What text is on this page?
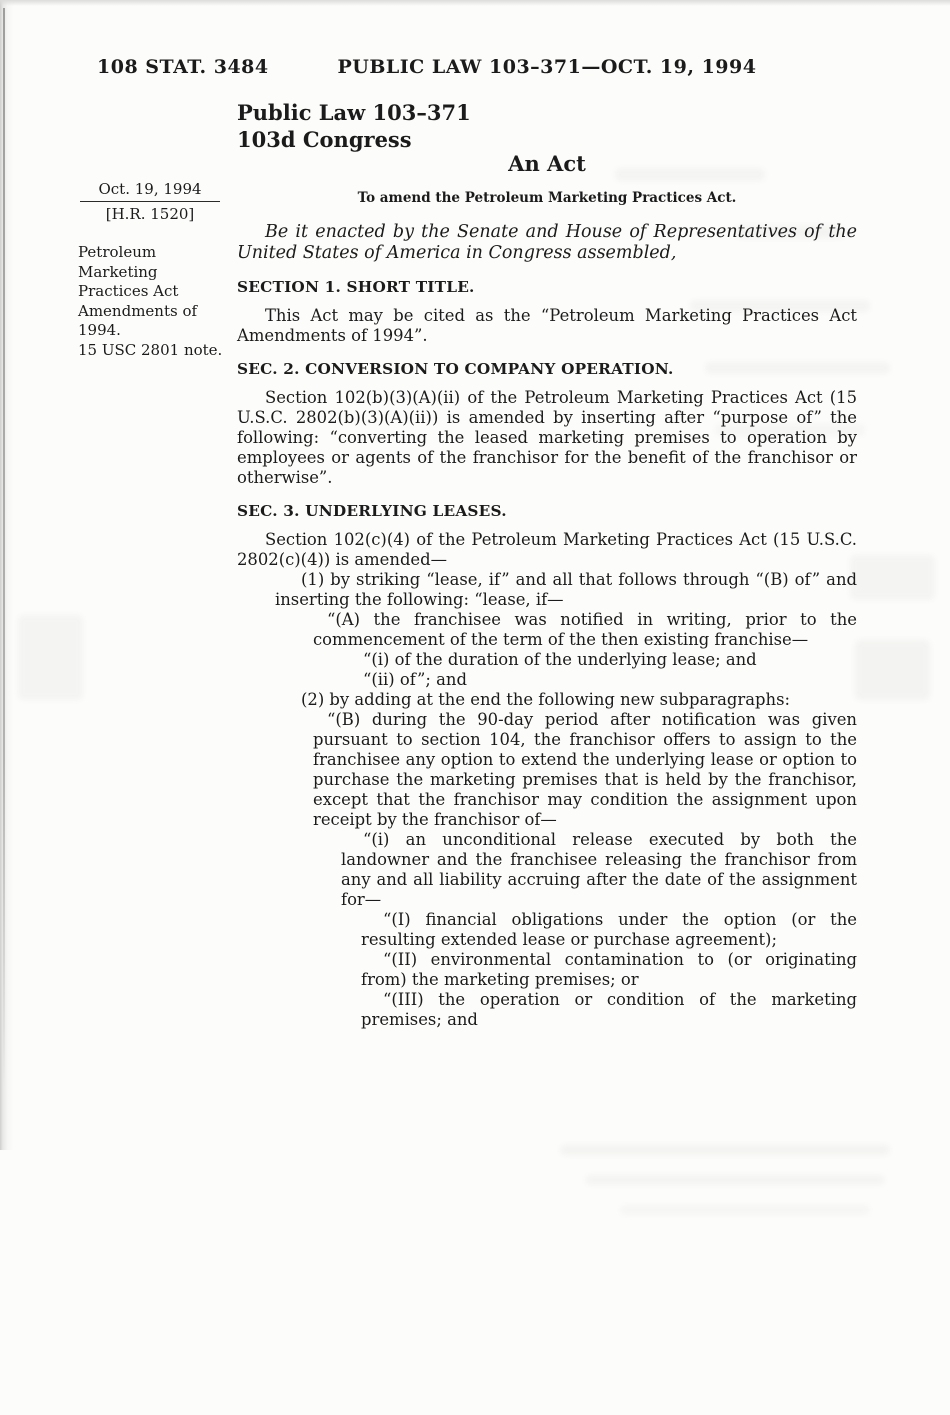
108 STAT. 3484	PUBLIC LAW 103–371—OCT. 19, 1994
Public Law 103–371
103d Congress
An Act
To amend the Petroleum Marketing Practices Act.
Oct. 19, 1994
[H.R. 1520]
Petroleum Marketing Practices Act Amendments of 1994.
15 USC 2801 note.

Be it enacted by the Senate and House of Representatives of the United States of America in Congress assembled,

SECTION 1. SHORT TITLE.

This Act may be cited as the “Petroleum Marketing Practices Act Amendments of 1994”.

SEC. 2. CONVERSION TO COMPANY OPERATION.

Section 102(b)(3)(A)(ii) of the Petroleum Marketing Practices Act (15 U.S.C. 2802(b)(3)(A)(ii)) is amended by inserting after “purpose of” the following: “converting the leased marketing premises to operation by employees or agents of the franchisor for the benefit of the franchisor or otherwise”.

SEC. 3. UNDERLYING LEASES.

Section 102(c)(4) of the Petroleum Marketing Practices Act (15 U.S.C. 2802(c)(4)) is amended—

(1) by striking “lease, if” and all that follows through “(B) of” and inserting the following: “lease, if—

“(A) the franchisee was notified in writing, prior to the commencement of the term of the then existing franchise—

“(i) of the duration of the underlying lease; and

“(ii) of”; and

(2) by adding at the end the following new subparagraphs:

“(B) during the 90-day period after notification was given pursuant to section 104, the franchisor offers to assign to the franchisee any option to extend the underlying lease or option to purchase the marketing premises that is held by the franchisor, except that the franchisor may condition the assignment upon receipt by the franchisor of—

“(i) an unconditional release executed by both the landowner and the franchisee releasing the franchisor from any and all liability accruing after the date of the assignment for—

“(I) financial obligations under the option (or the resulting extended lease or purchase agreement);

“(II) environmental contamination to (or originating from) the marketing premises; or

“(III) the operation or condition of the marketing premises; and
